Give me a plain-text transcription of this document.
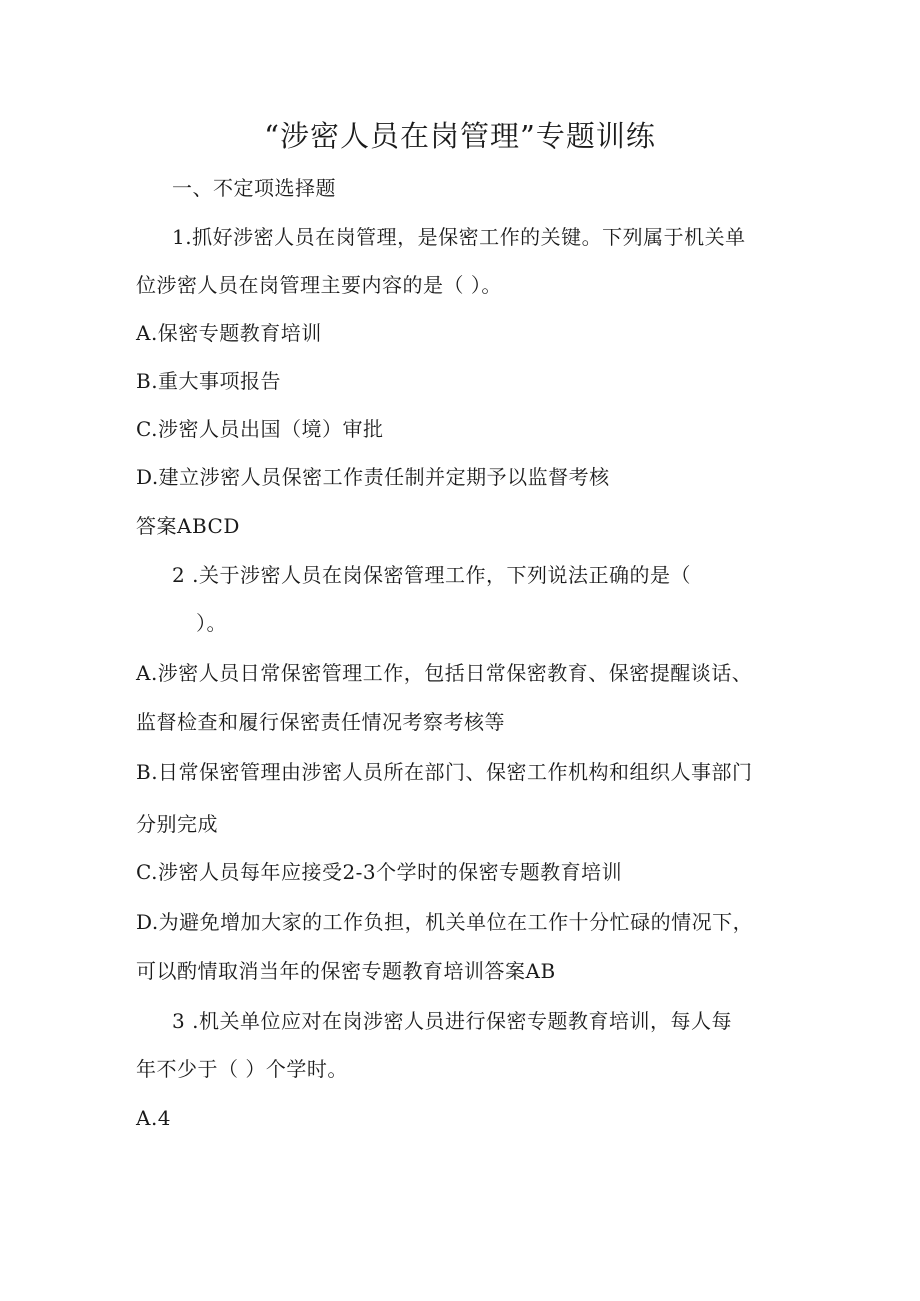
“涉密人员在岗管理”专题训练
一、不定项选择题
1.抓好涉密人员在岗管理，是保密工作的关键。下列属于机关单
位涉密人员在岗管理主要内容的是（ ）。
A.保密专题教育培训
B.重大事项报告
C.涉密人员出国（境）审批
D.建立涉密人员保密工作责任制并定期予以监督考核
答案ABCD
2 .关于涉密人员在岗保密管理工作，下列说法正确的是（
）。
A.涉密人员日常保密管理工作，包括日常保密教育、保密提醒谈话、
监督检查和履行保密责任情况考察考核等
B.日常保密管理由涉密人员所在部门、保密工作机构和组织人事部门
分别完成
C.涉密人员每年应接受2-3个学时的保密专题教育培训
D.为避免增加大家的工作负担，机关单位在工作十分忙碌的情况下，
可以酌情取消当年的保密专题教育培训答案AB
3 .机关单位应对在岗涉密人员进行保密专题教育培训，每人每
年不少于（ ）个学时。
A.4
